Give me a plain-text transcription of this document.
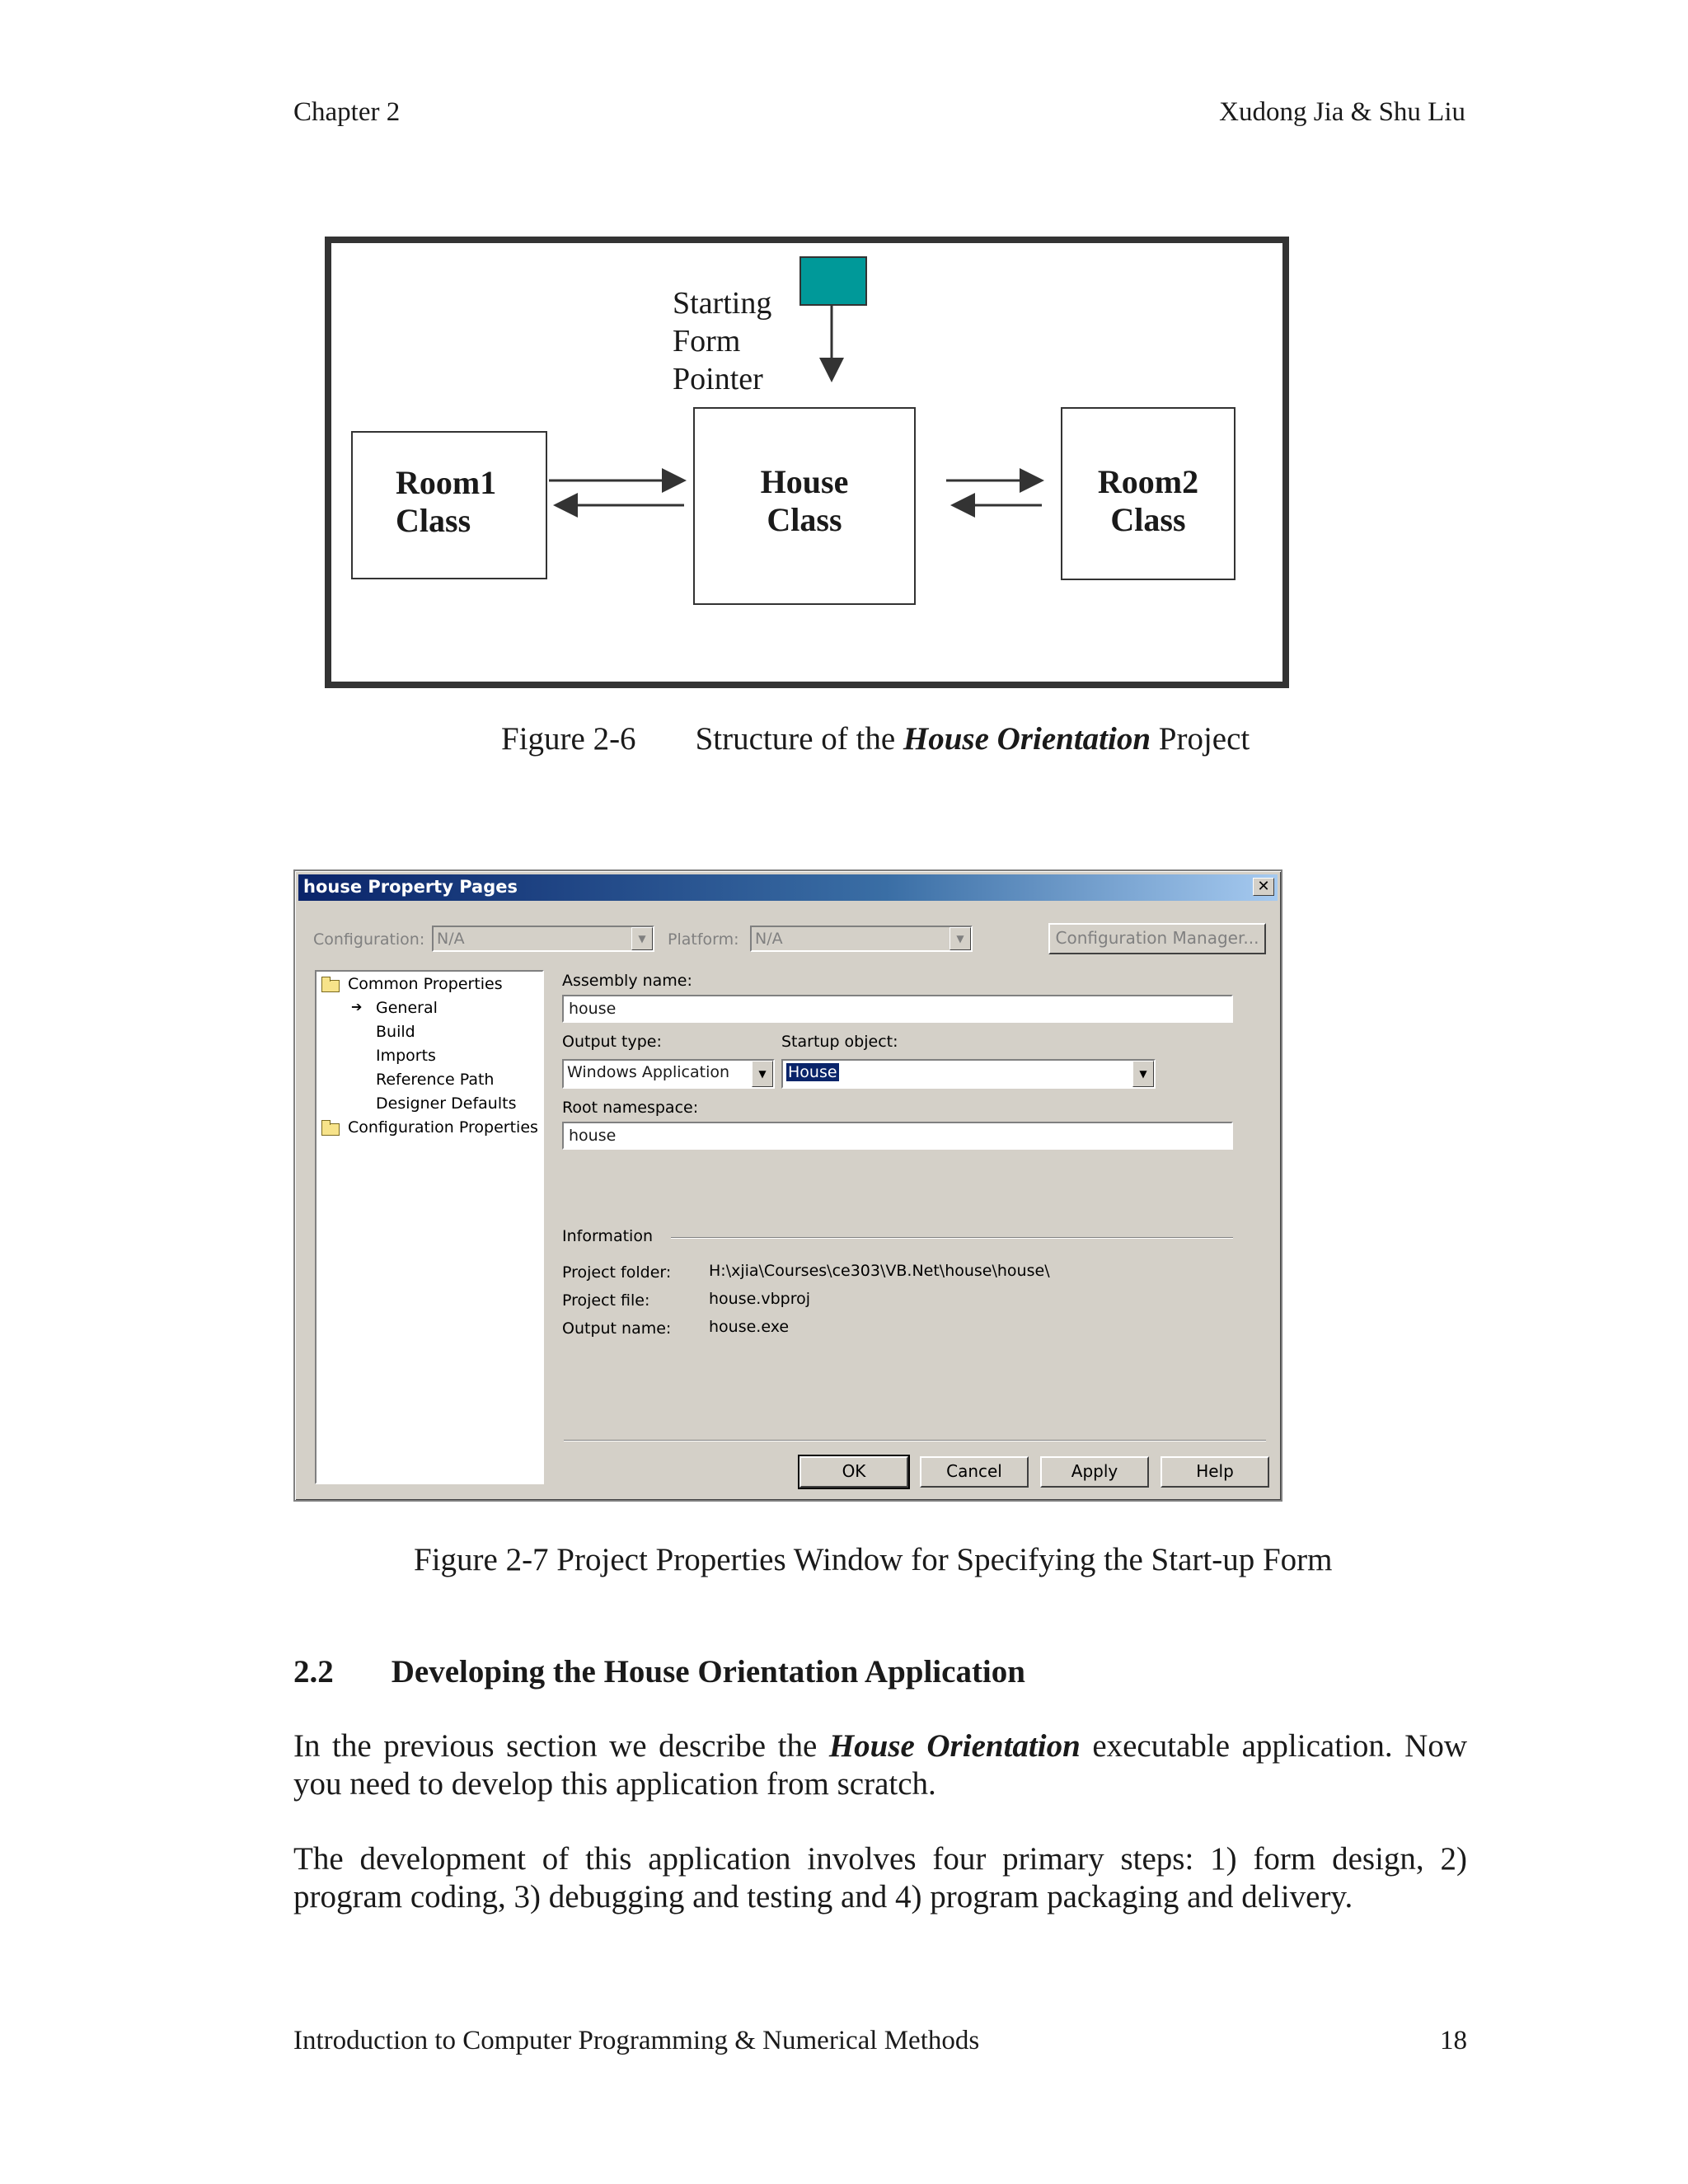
Chapter 2	Xudong Jia & Shu Liu
Starting
Form
Pointer
Room1
Class
House
Class
Room2
Class
Figure 2-6 Structure of the House Orientation Project
house Property Pages	✕
Configuration: N/A	▼	Platform: N/A	▼	Configuration Manager...
Common Properties
➔ General
Build
Imports
Reference Path
Designer Defaults
Configuration Properties
Assembly name:
house
Output type:
Windows Application	▼
Startup object:
House	▼
Root namespace:
house
Information
Project folder: H:\xjia\Courses\ce303\VB.Net\house\house\
Project file:	house.vbproj
Output name: house.exe
OK	Cancel	Apply	Help
Figure 2-7 Project Properties Window for Specifying the Start-up Form
2.2 Developing the House Orientation Application
In the previous section we describe the House Orientation executable application. Now you need to develop this application from scratch.
The development of this application involves four primary steps: 1) form design, 2) program coding, 3) debugging and testing and 4) program packaging and delivery.
Introduction to Computer Programming & Numerical Methods	18
